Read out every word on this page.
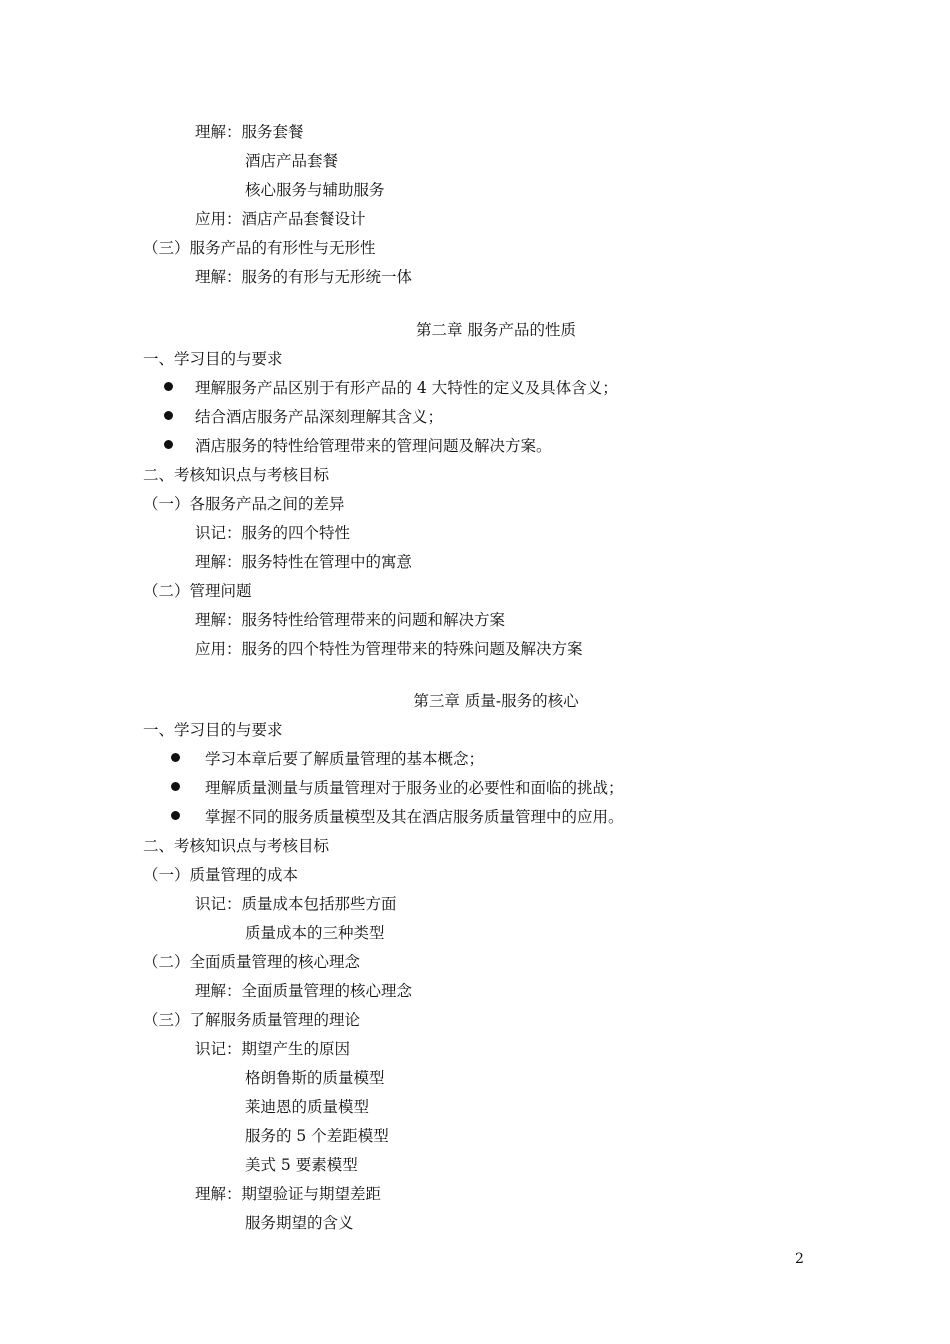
理解：服务套餐
酒店产品套餐
核心服务与辅助服务
应用：酒店产品套餐设计
（三）服务产品的有形性与无形性
理解：服务的有形与无形统一体
第二章 服务产品的性质
一、学习目的与要求
理解服务产品区别于有形产品的 4 大特性的定义及具体含义；
结合酒店服务产品深刻理解其含义；
酒店服务的特性给管理带来的管理问题及解决方案。
二、考核知识点与考核目标
（一）各服务产品之间的差异
识记：服务的四个特性
理解：服务特性在管理中的寓意
（二）管理问题
理解：服务特性给管理带来的问题和解决方案
应用：服务的四个特性为管理带来的特殊问题及解决方案
第三章 质量-服务的核心
一、学习目的与要求
学习本章后要了解质量管理的基本概念；
理解质量测量与质量管理对于服务业的必要性和面临的挑战；
掌握不同的服务质量模型及其在酒店服务质量管理中的应用。
二、考核知识点与考核目标
（一）质量管理的成本
识记：质量成本包括那些方面
质量成本的三种类型
（二）全面质量管理的核心理念
理解：全面质量管理的核心理念
（三）了解服务质量管理的理论
识记：期望产生的原因
格朗鲁斯的质量模型
莱迪恩的质量模型
服务的 5 个差距模型
美式 5 要素模型
理解：期望验证与期望差距
服务期望的含义
2
